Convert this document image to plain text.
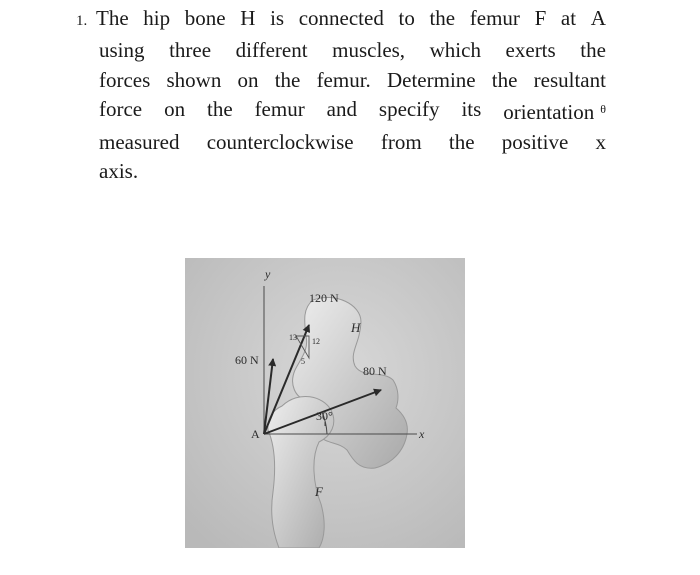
1. The hip bone H is connected to the femur F at A
using three different muscles, which exerts the
forces shown on the femur. Determine the resultant
force on the femur and specify its orientation $^\theta$
measured counterclockwise from the positive x
axis.
y
x
A
120 N
60 N
80 N
H
F
13 12
5
30°
